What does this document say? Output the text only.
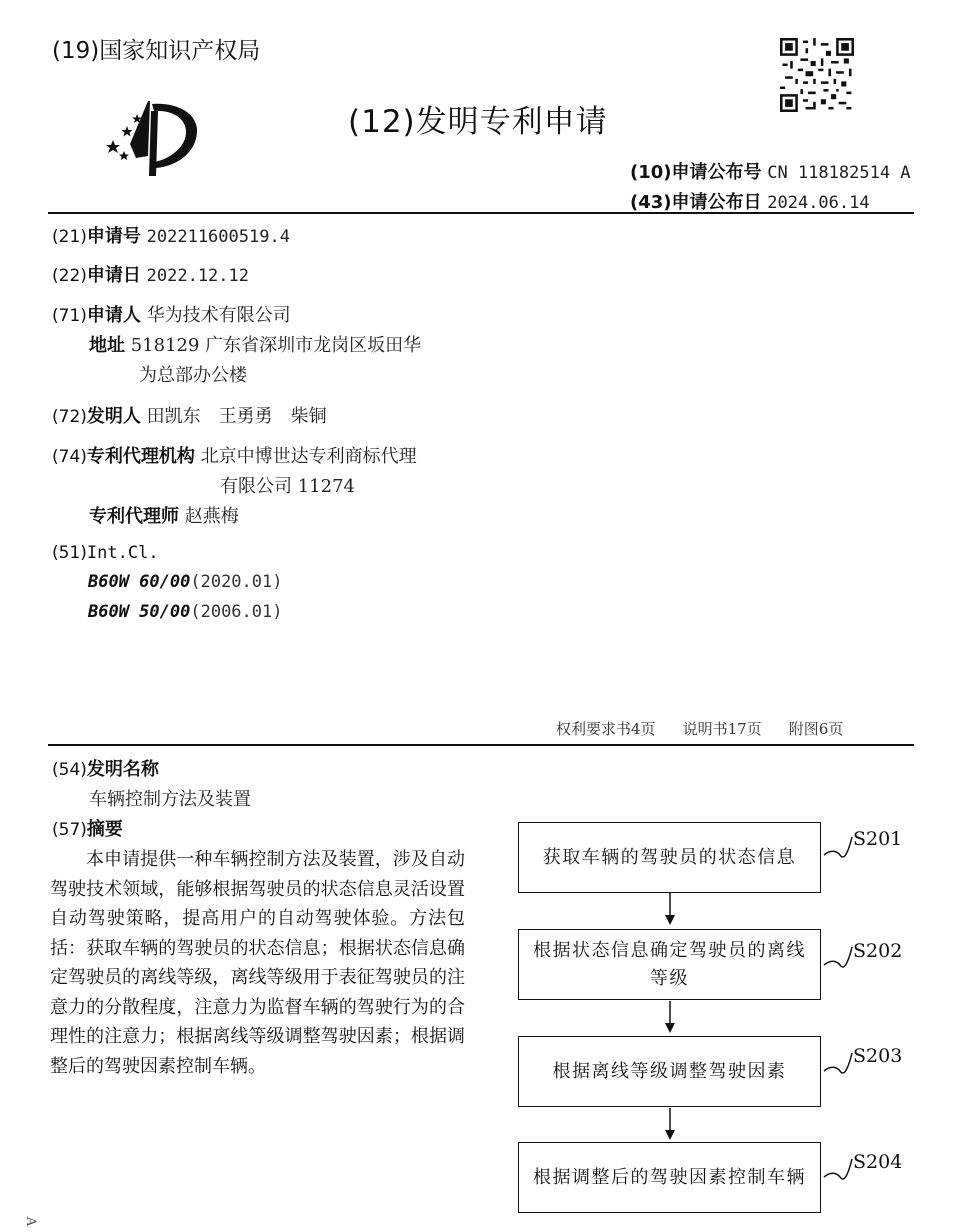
(19)国家知识产权局
(12)发明专利申请
(10)申请公布号 CN 118182514 A
(43)申请公布日 2024.06.14
(21)申请号 202211600519.4
(22)申请日 2022.12.12
(71)申请人 华为技术有限公司
地址 518129 广东省深圳市龙岗区坂田华
为总部办公楼
(72)发明人 田凯东　王勇勇　柴铜
(74)专利代理机构 北京中博世达专利商标代理
有限公司 11274
专利代理师 赵燕梅
(51)Int.Cl.
B60W 60/00(2020.01)
B60W 50/00(2006.01)
权利要求书4页 说明书17页 附图6页
(54)发明名称
车辆控制方法及装置
(57)摘要

本申请提供一种车辆控制方法及装置，涉及自动驾驶技术领域，能够根据驾驶员的状态信息灵活设置自动驾驶策略，提高用户的自动驾驶体验。方法包括：获取车辆的驾驶员的状态信息；根据状态信息确定驾驶员的离线等级，离线等级用于表征驾驶员的注意力的分散程度，注意力为监督车辆的驾驶行为的合理性的注意力；根据离线等级调整驾驶因素；根据调整后的驾驶因素控制车辆。

获取车辆的驾驶员的状态信息
根据状态信息确定驾驶员的离线等级
根据离线等级调整驾驶因素
根据调整后的驾驶因素控制车辆
S201
S202
S203
S204
A
